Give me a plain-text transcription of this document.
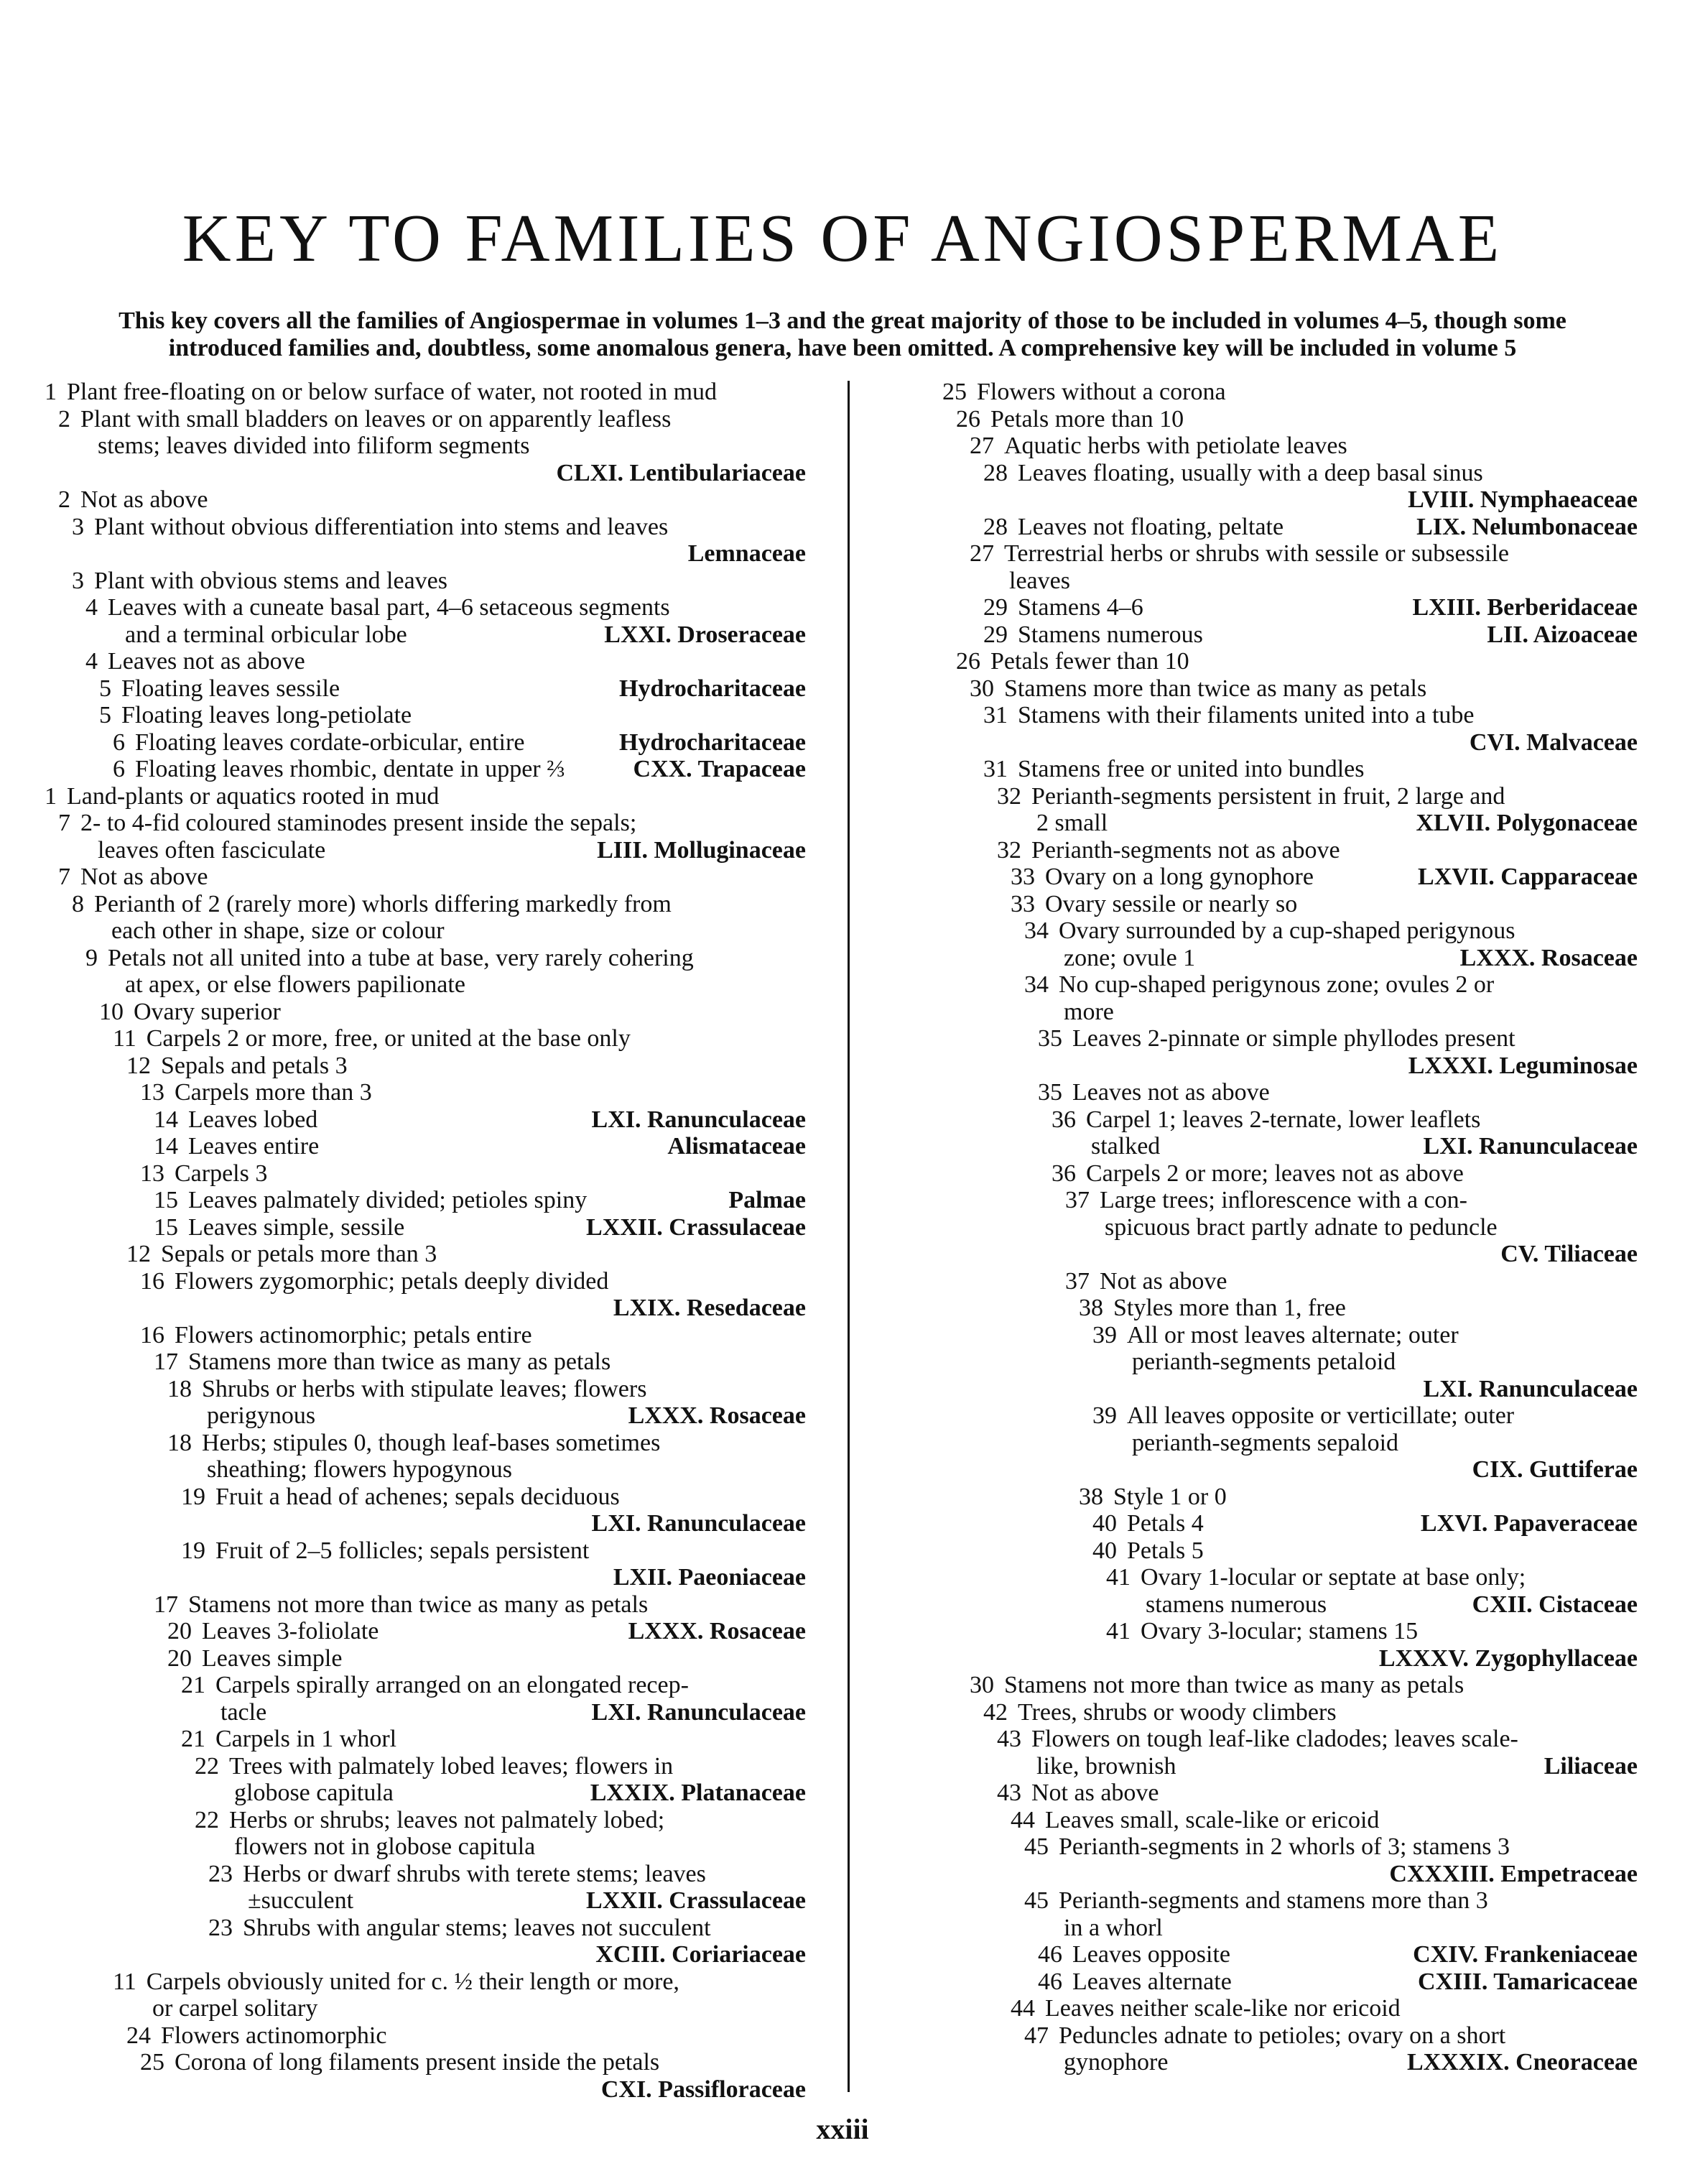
KEY TO FAMILIES OF ANGIOSPERMAE
This key covers all the families of Angiospermae in volumes 1–3 and the great majority of those to be included in volumes 4–5, though some
introduced families and, doubtless, some anomalous genera, have been omitted. A comprehensive key will be included in volume 5
1 Plant free-floating on or below surface of water, not rooted in mud
2 Plant with small bladders on leaves or on apparently leafless
stems; leaves divided into filiform segments
CLXI. Lentibulariaceae
2 Not as above
3 Plant without obvious differentiation into stems and leaves
Lemnaceae
3 Plant with obvious stems and leaves
4 Leaves with a cuneate basal part, 4–6 setaceous segments
and a terminal orbicular lobe	LXXI. Droseraceae
4 Leaves not as above
5 Floating leaves sessile	Hydrocharitaceae
5 Floating leaves long-petiolate
6 Floating leaves cordate-orbicular, entire	Hydrocharitaceae
6 Floating leaves rhombic, dentate in upper ⅔	CXX. Trapaceae
1 Land-plants or aquatics rooted in mud
7 2- to 4-fid coloured staminodes present inside the sepals;
leaves often fasciculate	LIII. Molluginaceae
7 Not as above
8 Perianth of 2 (rarely more) whorls differing markedly from
each other in shape, size or colour
9 Petals not all united into a tube at base, very rarely cohering
at apex, or else flowers papilionate
10 Ovary superior
11 Carpels 2 or more, free, or united at the base only
12 Sepals and petals 3
13 Carpels more than 3
14 Leaves lobed	LXI. Ranunculaceae
14 Leaves entire	Alismataceae
13 Carpels 3
15 Leaves palmately divided; petioles spiny	Palmae
15 Leaves simple, sessile	LXXII. Crassulaceae
12 Sepals or petals more than 3
16 Flowers zygomorphic; petals deeply divided
LXIX. Resedaceae
16 Flowers actinomorphic; petals entire
17 Stamens more than twice as many as petals
18 Shrubs or herbs with stipulate leaves; flowers
perigynous	LXXX. Rosaceae
18 Herbs; stipules 0, though leaf-bases sometimes
sheathing; flowers hypogynous
19 Fruit a head of achenes; sepals deciduous
LXI. Ranunculaceae
19 Fruit of 2–5 follicles; sepals persistent
LXII. Paeoniaceae
17 Stamens not more than twice as many as petals
20 Leaves 3-foliolate	LXXX. Rosaceae
20 Leaves simple
21 Carpels spirally arranged on an elongated recep-
tacle	LXI. Ranunculaceae
21 Carpels in 1 whorl
22 Trees with palmately lobed leaves; flowers in
globose capitula	LXXIX. Platanaceae
22 Herbs or shrubs; leaves not palmately lobed;
flowers not in globose capitula
23 Herbs or dwarf shrubs with terete stems; leaves
±succulent	LXXII. Crassulaceae
23 Shrubs with angular stems; leaves not succulent
XCIII. Coriariaceae
11 Carpels obviously united for c. ½ their length or more,
or carpel solitary
24 Flowers actinomorphic
25 Corona of long filaments present inside the petals
CXI. Passifloraceae
25 Flowers without a corona
26 Petals more than 10
27 Aquatic herbs with petiolate leaves
28 Leaves floating, usually with a deep basal sinus
LVIII. Nymphaeaceae
28 Leaves not floating, peltate	LIX. Nelumbonaceae
27 Terrestrial herbs or shrubs with sessile or subsessile
leaves
29 Stamens 4–6	LXIII. Berberidaceae
29 Stamens numerous	LII. Aizoaceae
26 Petals fewer than 10
30 Stamens more than twice as many as petals
31 Stamens with their filaments united into a tube
CVI. Malvaceae
31 Stamens free or united into bundles
32 Perianth-segments persistent in fruit, 2 large and
2 small	XLVII. Polygonaceae
32 Perianth-segments not as above
33 Ovary on a long gynophore	LXVII. Capparaceae
33 Ovary sessile or nearly so
34 Ovary surrounded by a cup-shaped perigynous
zone; ovule 1	LXXX. Rosaceae
34 No cup-shaped perigynous zone; ovules 2 or
more
35 Leaves 2-pinnate or simple phyllodes present
LXXXI. Leguminosae
35 Leaves not as above
36 Carpel 1; leaves 2-ternate, lower leaflets
stalked	LXI. Ranunculaceae
36 Carpels 2 or more; leaves not as above
37 Large trees; inflorescence with a con-
spicuous bract partly adnate to peduncle
CV. Tiliaceae
37 Not as above
38 Styles more than 1, free
39 All or most leaves alternate; outer
perianth-segments petaloid
LXI. Ranunculaceae
39 All leaves opposite or verticillate; outer
perianth-segments sepaloid
CIX. Guttiferae
38 Style 1 or 0
40 Petals 4	LXVI. Papaveraceae
40 Petals 5
41 Ovary 1-locular or septate at base only;
stamens numerous	CXII. Cistaceae
41 Ovary 3-locular; stamens 15
LXXXV. Zygophyllaceae
30 Stamens not more than twice as many as petals
42 Trees, shrubs or woody climbers
43 Flowers on tough leaf-like cladodes; leaves scale-
like, brownish	Liliaceae
43 Not as above
44 Leaves small, scale-like or ericoid
45 Perianth-segments in 2 whorls of 3; stamens 3
CXXXIII. Empetraceae
45 Perianth-segments and stamens more than 3
in a whorl
46 Leaves opposite	CXIV. Frankeniaceae
46 Leaves alternate	CXIII. Tamaricaceae
44 Leaves neither scale-like nor ericoid
47 Peduncles adnate to petioles; ovary on a short
gynophore	LXXXIX. Cneoraceae
xxiii
